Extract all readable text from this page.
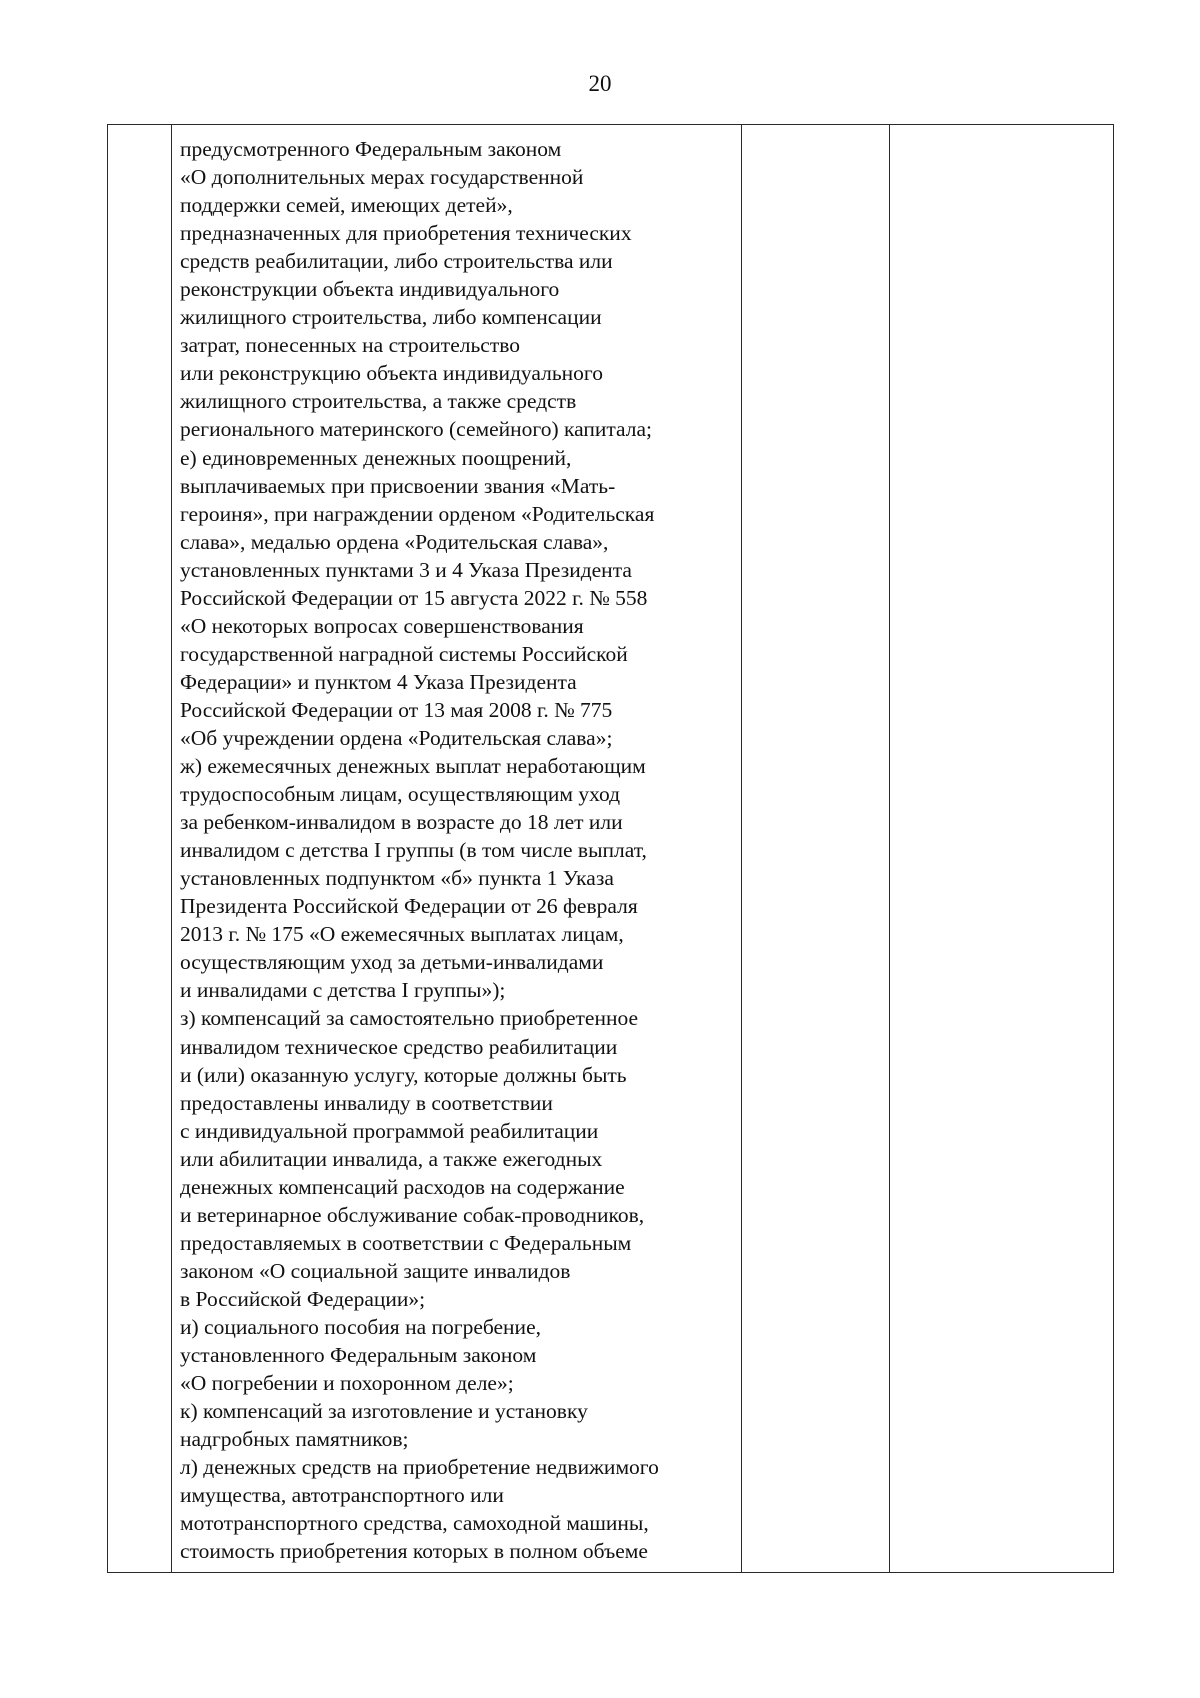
20

предусмотренного Федеральным законом
«О дополнительных мерах государственной
поддержки семей, имеющих детей»,
предназначенных для приобретения технических
средств реабилитации, либо строительства или
реконструкции объекта индивидуального
жилищного строительства, либо компенсации
затрат, понесенных на строительство
или реконструкцию объекта индивидуального
жилищного строительства, а также средств
регионального материнского (семейного) капитала;
е) единовременных денежных поощрений,
выплачиваемых при присвоении звания «Мать-
героиня», при награждении орденом «Родительская
слава», медалью ордена «Родительская слава»,
установленных пунктами 3 и 4 Указа Президента
Российской Федерации от 15 августа 2022 г. № 558
«О некоторых вопросах совершенствования
государственной наградной системы Российской
Федерации» и пунктом 4 Указа Президента
Российской Федерации от 13 мая 2008 г. № 775
«Об учреждении ордена «Родительская слава»;
ж) ежемесячных денежных выплат неработающим
трудоспособным лицам, осуществляющим уход
за ребенком-инвалидом в возрасте до 18 лет или
инвалидом с детства I группы (в том числе выплат,
установленных подпунктом «б» пункта 1 Указа
Президента Российской Федерации от 26 февраля
2013 г. № 175 «О ежемесячных выплатах лицам,
осуществляющим уход за детьми-инвалидами
и инвалидами с детства I группы»);
з) компенсаций за самостоятельно приобретенное
инвалидом техническое средство реабилитации
и (или) оказанную услугу, которые должны быть
предоставлены инвалиду в соответствии
с индивидуальной программой реабилитации
или абилитации инвалида, а также ежегодных
денежных компенсаций расходов на содержание
и ветеринарное обслуживание собак-проводников,
предоставляемых в соответствии с Федеральным
законом «О социальной защите инвалидов
в Российской Федерации»;
и) социального пособия на погребение,
установленного Федеральным законом
«О погребении и похоронном деле»;
к) компенсаций за изготовление и установку
надгробных памятников;
л) денежных средств на приобретение недвижимого
имущества, автотранспортного или
мототранспортного средства, самоходной машины,
стоимость приобретения которых в полном объеме
